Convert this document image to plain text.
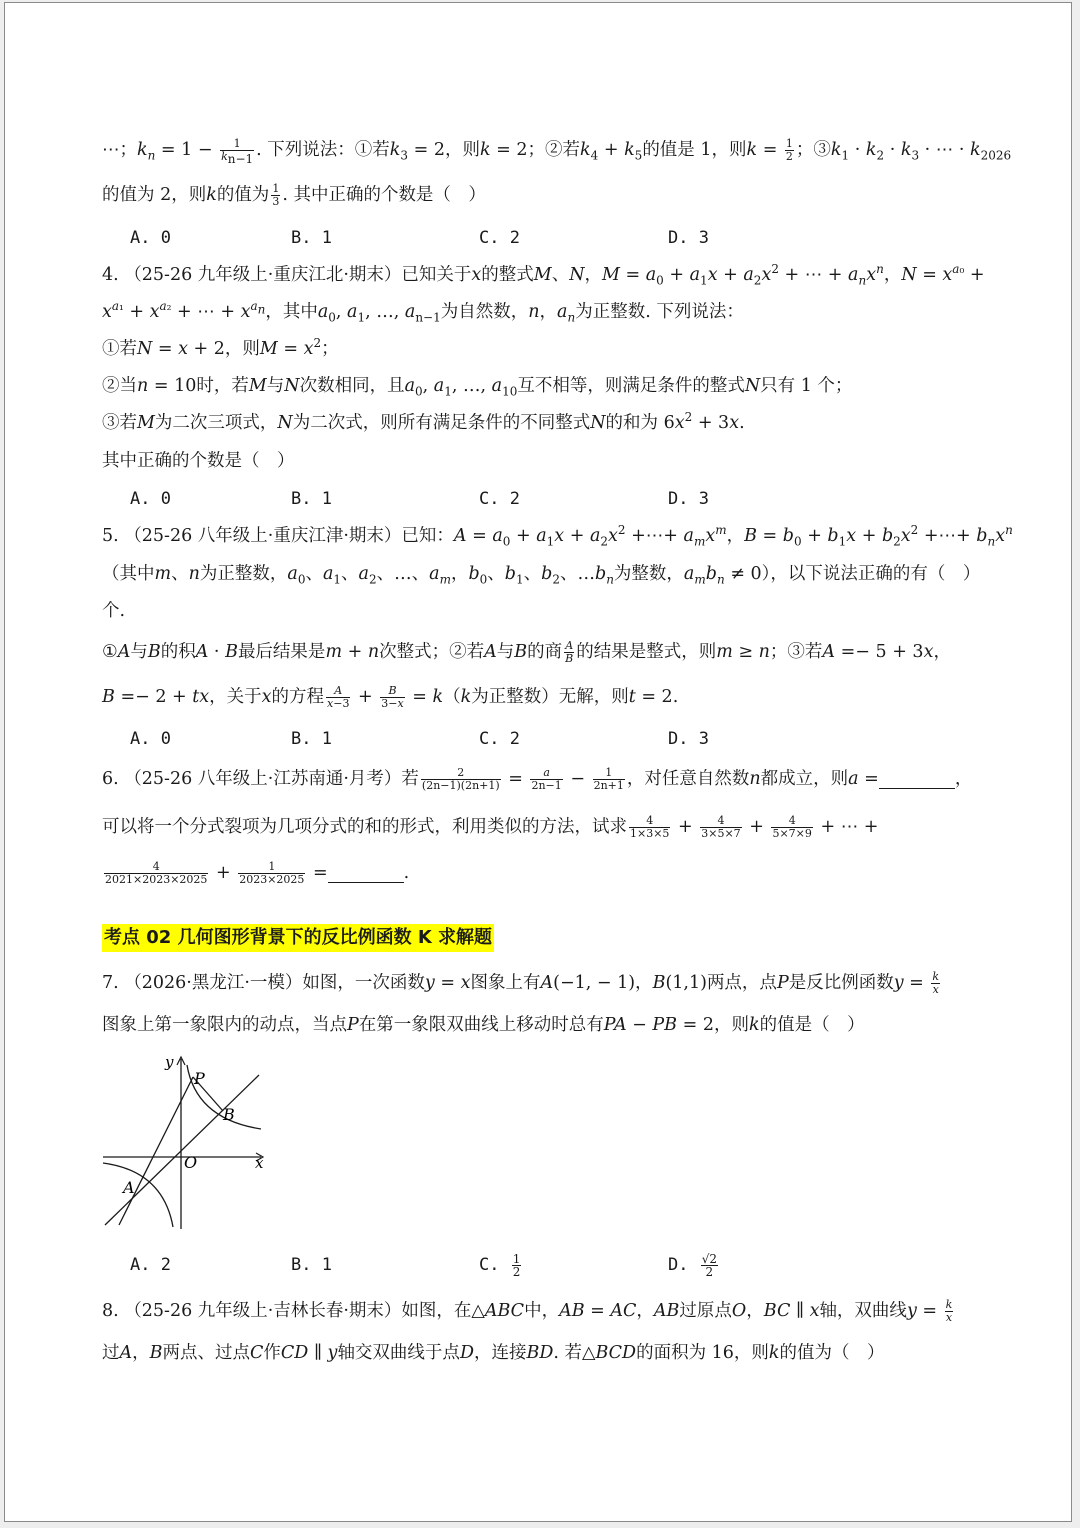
⋯；$k_n = 1 - \frac{1}{k_{n-1}}$ . 下列说法：①若$k_3 = 2$，则k = 2；②若$k_4 + k_5$的值是 1，则$k = \frac{1}{2}$ ；$③k_1 \cdot k_2 \cdot k_3$ · ⋯ · $k_{2026}$
的值为 2，则k的值为 $\frac{1}{3}$ . 其中正确的个数是（　）
A. 0	B. 1	C. 2	D. 3
4. （25-26 九年级上·重庆江北·期末）已知关于x的整式M、N，$M = a_0 + a_1x + a_2x^2$ + ⋯ + $a_nx^n$，$N = x^{a_0}$ +
$x^{a_1} + x^{a_2}$ + ⋯ + $x^{a_n}$，其中$a_0$, $a_1$, …, $a_{n-1}$为自然数，n，$a_n$为正整数. 下列说法：
①若N = x + 2，则$M = x^2$；
②当n = 10时，若M与N次数相同，且$a_0$, $a_1$, …, $a_{10}$互不相等，则满足条件的整式N只有 1 个；
③若M为二次三项式，N为二次式，则所有满足条件的不同整式N的和为 $6x^2 + 3x$.
其中正确的个数是（　）
A. 0	B. 1	C. 2	D. 3
5. （25-26 八年级上·重庆江津·期末）已知：$A = a_0 + a_1x + a_2x^2$ +⋯+ $a_mx^m$，$B = b_0 + b_1x + b_2x^2$ +⋯+ $b_nx^n$
（其中m、n为正整数，$a_0$、$a_1$、$a_2$、…、$a_m$，$b_0$、$b_1$、$b_2$、$\dots b_n$为整数，$a_mb_n \ne 0$），以下说法正确的有（　）
个.
①A与B的积A · B最后结果是m + n次整式；②若A与B的商 $\frac{A}{B}$ 的结果是整式，则m ≥ n；③若A =− 5 + 3x，
B =− 2 + tx，关于x的方程 $\frac{A}{x-3} + \frac{B}{3-x} = k(k$为正整数）无解，则t = 2.
A. 0	B. 1	C. 2	D. 3
6. （25-26 八年级上·江苏南通·月考）若 $\frac{2}{(2n-1)(2n+1)} = \frac{a}{2n-1} - \frac{1}{2n+1}$ ，对任意自然数n都成立，则a =	，
可以将一个分式裂项为几项分式的和的形式，利用类似的方法，试求 $\frac{4}{1\times 3\times 5} + \frac{4}{3\times 5\times 7} + \frac{4}{5\times 7\times 9}$ + ⋯ +
$\frac{4}{2021\times 2023\times 2025} + \frac{1}{2023\times 2025}$ =	.
考点 02 几何图形背景下的反比例函数 K 求解题
7. （2026·黑龙江·一模）如图，一次函数y = x图象上有A(−1, − 1)，B(1,1)两点，点P是反比例函数$y = \frac{k}{x}$
图象上第一象限内的动点，当点P在第一象限双曲线上移动时总有PA − PB = 2，则k的值是（　）
y
P
B
O	x
A
A. 2	B. 1	C. $\frac{1}{2}$	D. $\frac{√2}{2}$
8. （25-26 九年级上·吉林长春·期末）如图，在△ABC中，AB = AC，AB过原点O，BC ∥ x轴，双曲线$y = \frac{k}{x}$
过A，B两点、过点C作CD ∥ y轴交双曲线于点D，连接BD. 若△BCD的面积为 16，则k的值为（　）
